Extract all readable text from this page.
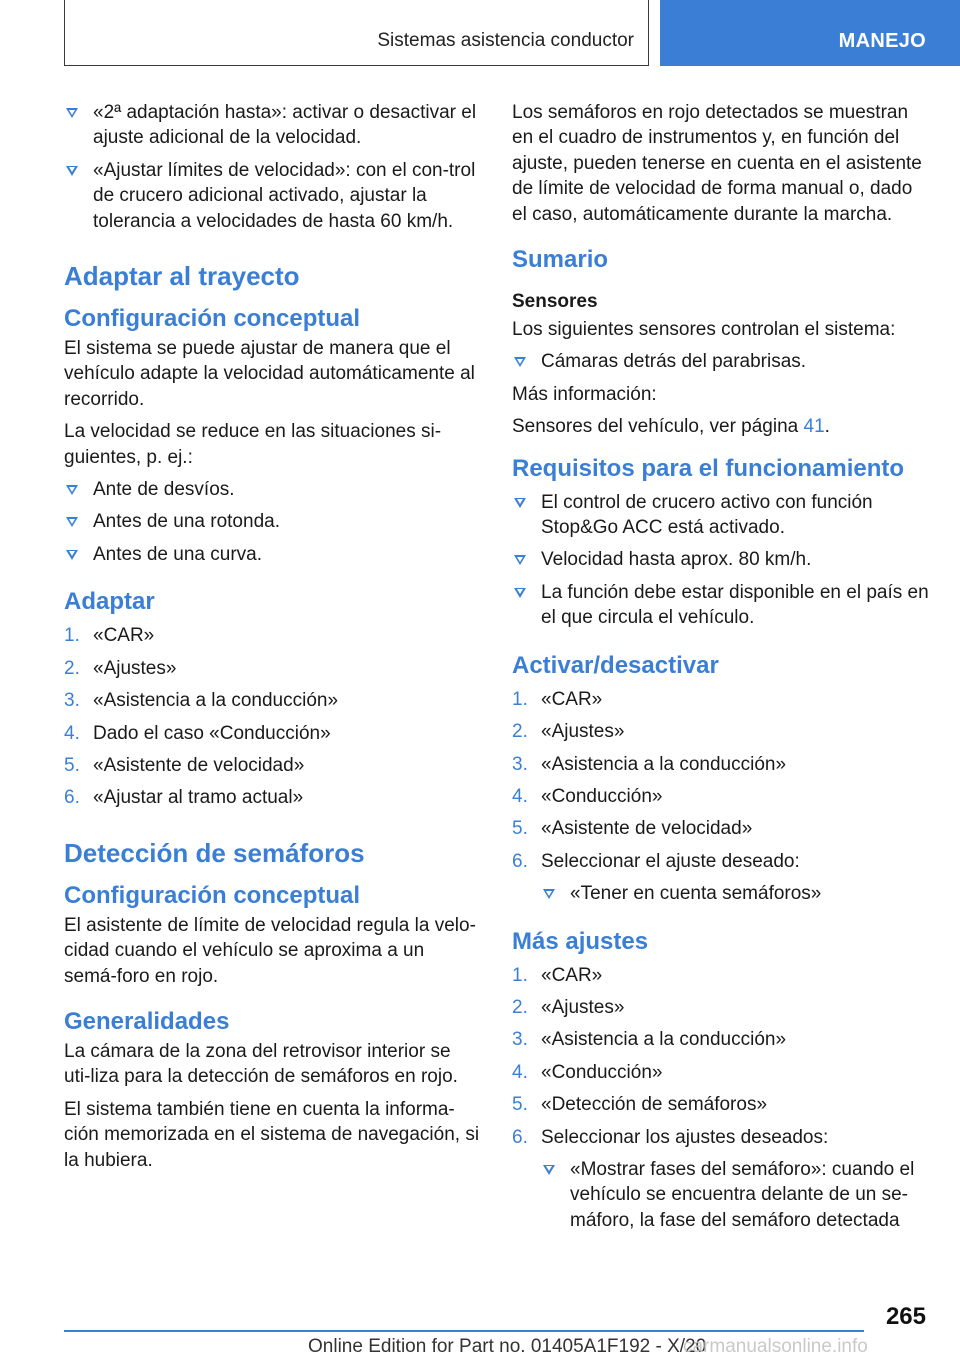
Sistemas asistencia conductor	MANEJO
«2ª adaptación hasta»: activar o desactivar el ajuste adicional de la velocidad.
«Ajustar límites de velocidad»: con el con-trol de crucero adicional activado, ajustar la tolerancia a velocidades de hasta 60 km/h.
Adaptar al trayecto
Configuración conceptual

El sistema se puede ajustar de manera que el vehículo adapte la velocidad automáticamente al recorrido.

La velocidad se reduce en las situaciones si-guientes, p. ej.:

Ante de desvíos.
Antes de una rotonda.
Antes de una curva.
Adaptar
1. «CAR»
2. «Ajustes»
3. «Asistencia a la conducción»
4. Dado el caso «Conducción»
5. «Asistente de velocidad»
6. «Ajustar al tramo actual»
Detección de semáforos
Configuración conceptual

El asistente de límite de velocidad regula la velo-cidad cuando el vehículo se aproxima a un semá-foro en rojo.

Generalidades

La cámara de la zona del retrovisor interior se uti-liza para la detección de semáforos en rojo.

El sistema también tiene en cuenta la informa-ción memorizada en el sistema de navegación, si la hubiera.

Los semáforos en rojo detectados se muestran en el cuadro de instrumentos y, en función del ajuste, pueden tenerse en cuenta en el asistente de límite de velocidad de forma manual o, dado el caso, automáticamente durante la marcha.

Sumario
Sensores

Los siguientes sensores controlan el sistema:

Cámaras detrás del parabrisas.

Más información:

Sensores del vehículo, ver página 41.

Requisitos para el funcionamiento
El control de crucero activo con función Stop&Go ACC está activado.
Velocidad hasta aprox. 80 km/h.
La función debe estar disponible en el país en el que circula el vehículo.
Activar/desactivar
1. «CAR»
2. «Ajustes»
3. «Asistencia a la conducción»
4. «Conducción»
5. «Asistente de velocidad»
6. Seleccionar el ajuste deseado:
«Tener en cuenta semáforos»
Más ajustes
1. «CAR»
2. «Ajustes»
3. «Asistencia a la conducción»
4. «Conducción»
5. «Detección de semáforos»
6. Seleccionar los ajustes deseados:
«Mostrar fases del semáforo»: cuando el vehículo se encuentra delante de un se-máforo, la fase del semáforo detectada
265
Online Edition for Part no. 01405A1F192 - X/20
carmanualsonline.info
